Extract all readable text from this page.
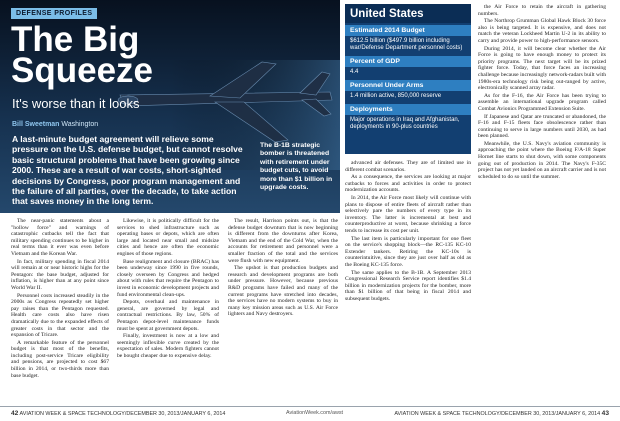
DEFENSE PROFILES
The Big
Squeeze
It's worse than it looks
Bill Sweetman Washington
A last-minute budget agreement will relieve some pressure on the U.S. defense budget, but cannot resolve basic structural problems that have been growing since 2000. These are a result of war costs, short-sighted decisions by Congress, poor program management and the failure of all parties, over the decade, to take action that saves money in the long term.
The B-1B strategic bomber is threatened with retirement under budget cuts, to avoid more than $1 billion in upgrade costs.

The near-panic statements about a "hollow force" and warnings of catastrophic cutbacks tell the fact that military spending continues to be higher in real terms than it ever was even before Vietnam and the Korean War.

In fact, military spending in fiscal 2014 will remain at or near historic highs for the Pentagon: the base budget, adjusted for inflation, is higher than at any point since World War II.

Personnel costs increased steadily in the 2000s as Congress repeatedly set higher pay raises than the Pentagon requested. Health care costs also have risen dramatically due to the expanded effects of greater costs in that sector and the expansion of Tricare.

A remarkable feature of the personnel budget is that most of the benefits, including post-service Tricare eligibility and pensions, are projected to cost $67 billion in 2014, or two-thirds more than base budget.

Likewise, it is politically difficult for the services to shed infrastructure such as operating bases or depots, which are often large and located near small and midsize cities and hence are often the economic engines of those regions.

Base realignment and closure (BRAC) has been underway since 1990 in five rounds, closely overseen by Congress and hedged about with rules that require the Pentagon to invest in economic development projects and fund environmental clean-ups.

Depots, overhaul and maintenance in general, are governed by legal and contractual restrictions. By law, 50% of Pentagon depot-level maintenance funds must be spent at government depots.

Finally, investment is now at a low and seemingly inflexible curve created by the expectation of sales. Modern fighters cannot be bought cheaper due to expensive delay.

The result, Harrison points out, is that the defense budget downturn that is now beginning is different from the downturns after Korea, Vietnam and the end of the Cold War, when the accounts for retirement and personnel were a smaller fraction of the total and the services were flush with new equipment.

The upshot is that production budgets and research and development programs are both under pressure. However, because previous R&D programs have failed and many of the current programs have stretched into decades, the services have no modern systems to buy in many key mission areas such as U.S. Air Force lighters and Navy destroyers.

United States
Estimated 2014 Budget
$612.5 billion ($497.9 billion including war/Defense Department personnel costs)
Percent of GDP
4.4
Personnel Under Arms
1.4 million active, 850,000 reserve
Deployments
Major operations in Iraq and Afghanistan, deployments in 90-plus countries

advanced air defenses. They are of limited use in different combat scenarios.

As a consequence, the services are looking at major cutbacks to forces and activities in order to protect modernization accounts.

In 2014, the Air Force most likely will continue with plans to dispose of entire fleets of aircraft rather than selectively pare the numbers of every type in its inventory. The latter is incremental at best and counterproductive at worst, because shrinking a force tends to increase its cost per unit.

The last item is particularly important for one fleet on the service's shopping block—the RC-135 KC-10 Extender tankers. Retiring the KC-10s is counterintuitive, since they are just over half as old as the Boeing KC-135 force.

The same applies to the B-1B. A September 2013 Congressional Research Service report identifies $1.4 billion in modernization projects for the bomber, more than $1 billion of that being in fiscal 2014 and subsequent budgets.

the Air Force to retain the aircraft in gathering numbers.

The Northrop Grumman Global Hawk Block 30 force also is being targeted. It is expensive, and does not match the veteran Lockheed Martin U-2 in its ability to carry and provide power to high-performance sensors.

During 2014, it will become clear whether the Air Force is going to have enough money to protect its priority programs. The next target will be its prized fighter force. Today, that force faces an increasing challenge because increasingly network-radars built with 1980s-era technology risk being out-ranged by active, electronically scanned array radar.

As for the F-16, the Air Force has been trying to assemble an international upgrade program called Combat Avionics Programmed Extension Suite.

If Japanese and Qatar are truncated or abandoned, the F-16 and F-15 fleets face obsolescence rather than continuing to serve in large numbers until 2030, as had been planned.

Meanwhile, the U.S. Navy's aviation community is approaching the point where the Boeing F/A-18 Super Hornet line starts to shut down, with some components going out of production in 2014. The Navy's F-35C project has not yet landed on an aircraft carrier and is not scheduled to do so until the summer.

42 AVIATION WEEK & SPACE TECHNOLOGY/DECEMBER 30, 2013/JANUARY 6, 2014	AviationWeek.com/awst	AVIATION WEEK & SPACE TECHNOLOGY/DECEMBER 30, 2013/JANUARY 6, 2014 43
